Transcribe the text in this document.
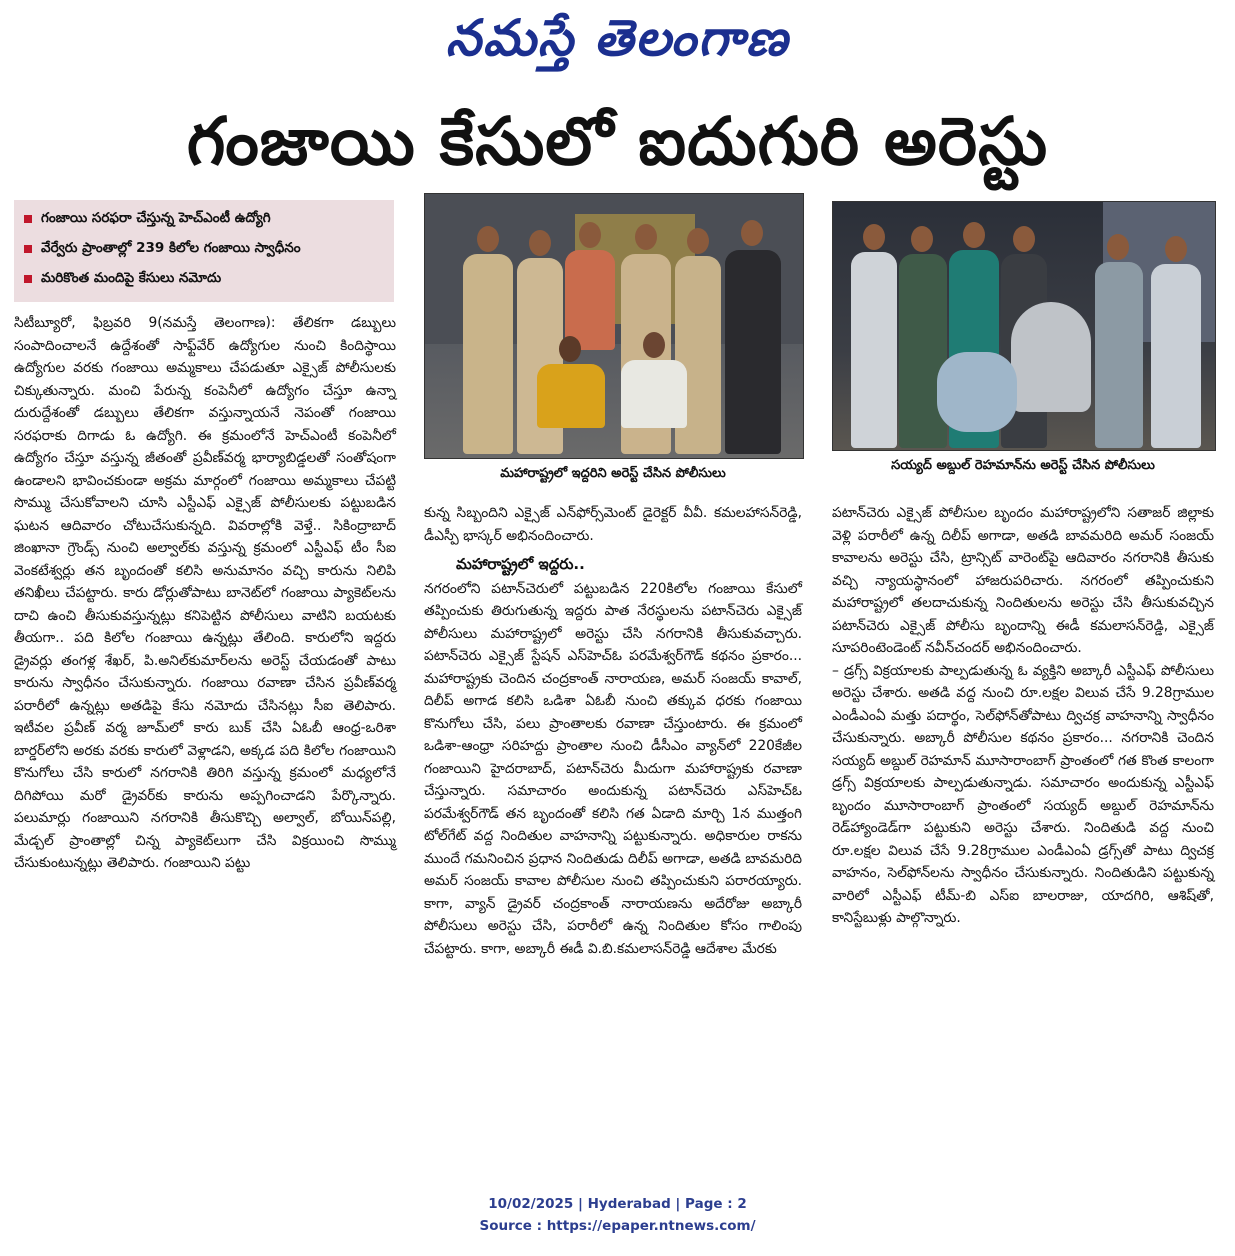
నమస్తే తెలంగాణ
గంజాయి కేసులో ఐదుగురి అరెస్టు
గంజాయి సరఫరా చేస్తున్న హెచ్‌ఎంటీ ఉద్యోగి
వేర్వేరు ప్రాంతాల్లో 239 కిలోల గంజాయి స్వాధీనం
మరికొంత మందిపై కేసులు నమోదు

సిటీబ్యూరో, ఫిబ్రవరి 9(నమస్తే తెలంగాణ): తేలికగా డబ్బులు సంపాదించాలనే ఉద్దేశంతో సాఫ్ట్‌వేర్ ఉద్యోగుల నుంచి కిందిస్థాయి ఉద్యోగుల వరకు గంజాయి అమ్మకాలు చేపడుతూ ఎక్సైజ్ పోలీసులకు చిక్కుతున్నారు. మంచి పేరున్న కంపెనీలో ఉద్యోగం చేస్తూ ఉన్నా దురుద్దేశంతో డబ్బులు తేలికగా వస్తున్నాయనే నెపంతో గంజాయి సరఫరాకు దిగాడు ఓ ఉద్యోగి. ఈ క్రమంలోనే హెచ్‌ఎంటీ కంపెనీలో ఉద్యోగం చేస్తూ వస్తున్న జీతంతో ప్రవీణ్‌వర్మ భార్యాబిడ్డలతో సంతోషంగా ఉండాలని భావించకుండా అక్రమ మార్గంలో గంజాయి అమ్మకాలు చేపట్టి సొమ్ము చేసుకోవాలని చూసి ఎస్టీఎఫ్ ఎక్సైజ్ పోలీసులకు పట్టుబడిన ఘటన ఆదివారం చోటుచేసుకున్నది. వివరాల్లోకి వెళ్తే.. సికింద్రాబాద్ జింఖానా గ్రౌండ్స్ నుంచి అల్వాల్‌కు వస్తున్న క్రమంలో ఎస్టీఎఫ్ టీం సీఐ వెంకటేశ్వర్లు తన బృందంతో కలిసి అనుమానం వచ్చి కారును నిలిపి తనిఖీలు చేపట్టారు. కారు డోర్లుతోపాటు బానెట్‌లో గంజాయి ప్యాకెట్‌లను దాచి ఉంచి తీసుకువస్తున్నట్లు కనిపెట్టిన పోలీసులు వాటిని బయటకు తీయగా.. పది కిలోల గంజాయి ఉన్నట్లు తేలింది. కారులోని ఇద్దరు డ్రైవర్లు తంగళ్ల శేఖర్, పి.అనిల్‌కుమార్‌లను అరెస్ట్ చేయడంతో పాటు కారును స్వాధీనం చేసుకున్నారు. గంజాయి రవాణా చేసిన ప్రవీణ్‌వర్మ పరారీలో ఉన్నట్లు అతడిపై కేసు నమోదు చేసినట్లు సీఐ తెలిపారు. ఇటీవల ప్రవీణ్ వర్మ జూమ్‌లో కారు బుక్ చేసి ఏఓబీ ఆంధ్ర-ఒరిశా బార్డర్‌లోని అరకు వరకు కారులో వెళ్లాడని, అక్కడ పది కిలోల గంజాయిని కొనుగోలు చేసి కారులో నగరానికి తిరిగి వస్తున్న క్రమంలో మధ్యలోనే దిగిపోయి మరో డ్రైవర్‌కు కారును అప్పగించాడని పేర్కొన్నారు. పలుమార్లు గంజాయిని నగరానికి తీసుకొచ్చి అల్వాల్, బోయిన్‌పల్లి, మేడ్చల్ ప్రాంతాల్లో చిన్న ప్యాకెట్‌లుగా చేసి విక్రయించి సొమ్ము చేసుకుంటున్నట్లు తెలిపారు. గంజాయిని పట్టు

మహారాష్ట్రలో ఇద్దరిని అరెస్ట్ చేసిన పోలీసులు
సయ్యద్ అబ్దుల్ రెహమాన్‌ను అరెస్ట్ చేసిన పోలీసులు

కున్న సిబ్బందిని ఎక్సైజ్ ఎన్‌ఫోర్స్‌మెంట్ డైరెక్టర్ వీవీ. కమలహాసన్‌రెడ్డి, డీఎస్పీ భాస్కర్ అభినందించారు.

మహారాష్ట్రలో ఇద్దరు..

నగరంలోని పటాన్‌చెరులో పట్టుబడిన 220కిలోల గంజాయి కేసులో తప్పించుకు తిరుగుతున్న ఇద్దరు పాత నేరస్థులను పటాన్‌చెరు ఎక్సైజ్ పోలీసులు మహారాష్ట్రలో అరెస్టు చేసి నగరానికి తీసుకువచ్చారు. పటాన్‌చెరు ఎక్సైజ్ స్టేషన్ ఎస్‌హెచ్‌ఓ పరమేశ్వర్‌గౌడ్ కథనం ప్రకారం... మహారాష్ట్రకు చెందిన చంద్రకాంత్ నారాయణ, అమర్ సంజయ్ కావాల్, దిలీప్ అగాడ కలిసి ఒడిశా ఏఓబీ నుంచి తక్కువ ధరకు గంజాయి కొనుగోలు చేసి, పలు ప్రాంతాలకు రవాణా చేస్తుంటారు. ఈ క్రమంలో ఒడిశా-ఆంధ్రా సరిహద్దు ప్రాంతాల నుంచి డీసీఎం వ్యాన్‌లో 220కేజీల గంజాయిని హైదరాబాద్, పటాన్‌చెరు మీదుగా మహారాష్ట్రకు రవాణా చేస్తున్నారు. సమాచారం అందుకున్న పటాన్‌చెరు ఎస్‌హెచ్‌ఓ పరమేశ్వర్‌గౌడ్ తన బృందంతో కలిసి గత ఏడాది మార్చి 1న ముత్తంగి టోల్‌గేట్ వద్ద నిందితుల వాహనాన్ని పట్టుకున్నారు. అధికారుల రాకను ముందే గమనించిన ప్రధాన నిందితుడు దిలీప్ అగాడా, అతడి బావమరిది అమర్ సంజయ్ కావాల పోలీసుల నుంచి తప్పించుకుని పరారయ్యారు. కాగా, వ్యాన్ డ్రైవర్ చంద్రకాంత్ నారాయణను అదేరోజు అబ్కారీ పోలీసులు అరెస్టు చేసి, పరారీలో ఉన్న నిందితుల కోసం గాలింపు చేపట్టారు. కాగా, అబ్కారీ ఈడీ వి.బి.కమలాసన్‌రెడ్డి ఆదేశాల మేరకు

పటాన్‌చెరు ఎక్సైజ్ పోలీసుల బృందం మహారాష్ట్రలోని సతాజర్ జిల్లాకు వెళ్లి పరారీలో ఉన్న దిలీప్ అగాడా, అతడి బావమరిది అమర్ సంజయ్ కావాలను అరెస్టు చేసి, ట్రాన్సిట్ వారెంట్‌పై ఆదివారం నగరానికి తీసుకు వచ్చి న్యాయస్థానంలో హాజరుపరిచారు. నగరంలో తప్పించుకుని మహారాష్ట్రలో తలదాచుకున్న నిందితులను అరెస్టు చేసి తీసుకువచ్చిన పటాన్‌చెరు ఎక్సైజ్ పోలీసు బృందాన్ని ఈడీ కమలాసన్‌రెడ్డి, ఎక్సైజ్ సూపరింటెండెంట్ నవీన్‌చందర్ అభినందించారు.

– డ్రగ్స్ విక్రయాలకు పాల్పడుతున్న ఓ వ్యక్తిని అబ్కారీ ఎస్టీఎఫ్ పోలీసులు అరెస్టు చేశారు. అతడి వద్ద నుంచి రూ.లక్షల విలువ చేసే 9.28గ్రాముల ఎండీఎంఏ మత్తు పదార్థం, సెల్‌ఫోన్‌తోపాటు ద్విచక్ర వాహనాన్ని స్వాధీనం చేసుకున్నారు. అబ్కారీ పోలీసుల కథనం ప్రకారం... నగరానికి చెందిన సయ్యద్ అబ్దుల్ రెహమాన్ మూసారాంబాగ్ ప్రాంతంలో గత కొంత కాలంగా డ్రగ్స్ విక్రయాలకు పాల్పడుతున్నాడు. సమాచారం అందుకున్న ఎస్టీఎఫ్ బృందం మూసారాంబాగ్ ప్రాంతంలో సయ్యద్ అబ్దుల్ రెహమాన్‌ను రెడ్‌హ్యాండెడ్‌గా పట్టుకుని అరెస్టు చేశారు. నిందితుడి వద్ద నుంచి రూ.లక్షల విలువ చేసే 9.28గ్రాముల ఎండీఎంఏ డ్రగ్స్‌తో పాటు ద్విచక్ర వాహనం, సెల్‌ఫోన్‌లను స్వాధీనం చేసుకున్నారు. నిందితుడిని పట్టుకున్న వారిలో ఎస్టీఎఫ్ టీమ్-బి ఎస్ఐ బాలరాజు, యాదగిరి, ఆశిష్‌తో, కానిస్టేబుళ్లు పాల్గొన్నారు.

10/02/2025 | Hyderabad | Page : 2
Source : https://epaper.ntnews.com/
